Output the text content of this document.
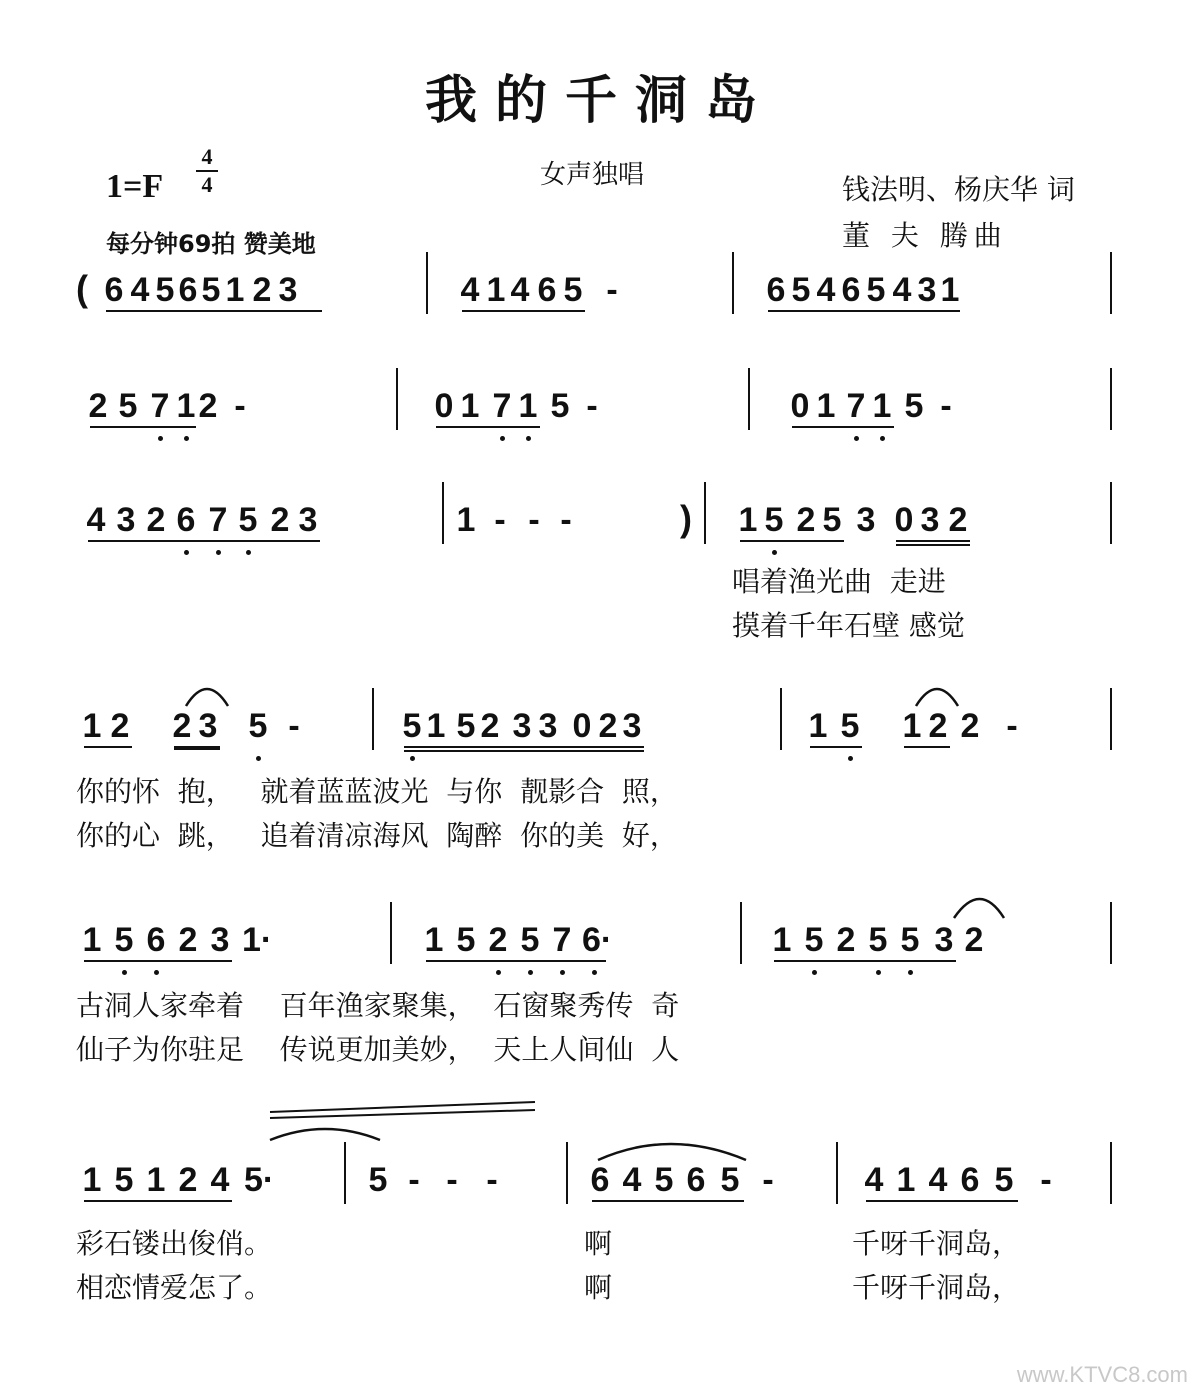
我的千洞岛
1=F
4
4
每分钟69拍 赞美地
女声独唱	钱法明、杨庆华 词
董 夫 腾曲
6 4 5 6 5 1 2 3	4 1 4 6 5 -	6 5 4 6 5 4 3 1
(
2 5 7 1 2 -	0 1 7 1 5 -	0 1 7 1 5 -
4 3 2 6 7 5 2 3	1 - - -	1 5 2 5 3 0 3 2
)
唱着渔光曲  走进
摸着千年石壁 感觉
1 2 2 3 5 -	5 1 5 2 3 3 0 2 3	1 5 1 2 2 -
你的怀  抱，   就着蓝蓝波光  与你  靓影合  照，
你的心  跳，   追着清凉海风  陶醉  你的美  好，
1 5 6 2 3 1·	1 5 2 5 7 6·	1 5 2 5 5 3 2
古洞人家牵着    百年渔家聚集，  石窗聚秀传  奇
仙子为你驻足    传说更加美妙，  天上人间仙  人
1 5 1 2 4 5·	5 - - -	6 4 5 6 5 -	4 1 4 6 5 -
彩石镂出俊俏。
相恋情爱怎了。
啊
啊
千呀千洞岛，
千呀千洞岛，
www.KTVC8.com
